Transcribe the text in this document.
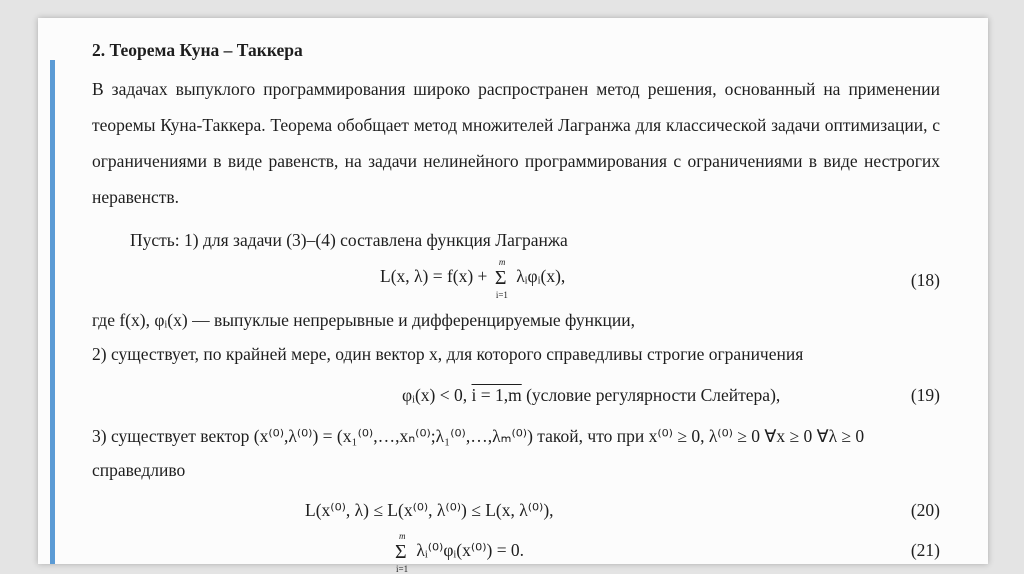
2. Теорема Куна – Таккера
В задачах выпуклого программирования широко распространен метод решения, основанный на применении теоремы Куна-Таккера. Теорема обобщает метод множителей Лагранжа для классической задачи оптимизации, с ограничениями в виде равенств, на задачи нелинейного программирования с ограничениями в виде нестрогих неравенств.
Пусть: 1) для задачи (3)–(4) составлена функция Лагранжа
L(x, λ) = f(x) + Σ
m
i=1
λᵢφᵢ(x),	(18)
где f(x), φᵢ(x) — выпуклые непрерывные и дифференцируемые функции,
2) существует, по крайней мере, один вектор x, для которого справедливы строгие ограничения
φᵢ(x) < 0, i = 1,m (условие регулярности Слейтера),	(19)
3) существует вектор (x⁽⁰⁾,λ⁽⁰⁾) = (x₁⁽⁰⁾,…,xₙ⁽⁰⁾;λ₁⁽⁰⁾,…,λₘ⁽⁰⁾) такой, что при x⁽⁰⁾ ≥ 0, λ⁽⁰⁾ ≥ 0 ∀x ≥ 0 ∀λ ≥ 0
справедливо
L(x⁽⁰⁾, λ) ≤ L(x⁽⁰⁾, λ⁽⁰⁾) ≤ L(x, λ⁽⁰⁾),	(20)
Σ
m
i=1
λᵢ⁽⁰⁾φᵢ(x⁽⁰⁾) = 0.	(21)
